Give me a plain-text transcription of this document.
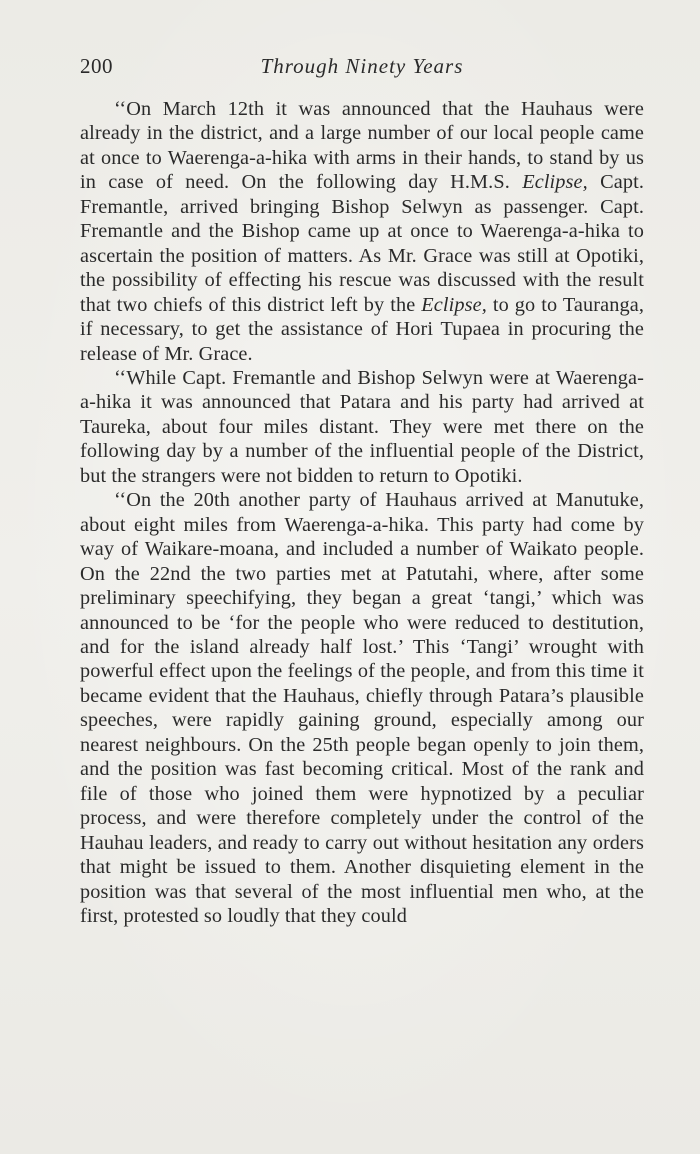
200	Through Ninety Years

‘‘On March 12th it was announced that the Hauhaus were already in the district, and a large number of our local people came at once to Waerenga-a-hika with arms in their hands, to stand by us in case of need. On the following day H.M.S. Eclipse, Capt. Fremantle, arrived bringing Bishop Selwyn as passenger. Capt. Fremantle and the Bishop came up at once to Waerenga-a-hika to ascertain the position of matters. As Mr. Grace was still at Opotiki, the possibility of effecting his rescue was discussed with the result that two chiefs of this district left by the Eclipse, to go to Tauranga, if necessary, to get the assistance of Hori Tupaea in procuring the release of Mr. Grace.

‘‘While Capt. Fremantle and Bishop Selwyn were at Waerenga-a-hika it was announced that Patara and his party had arrived at Taureka, about four miles distant. They were met there on the following day by a number of the influential people of the District, but the strangers were not bidden to return to Opotiki.

‘‘On the 20th another party of Hauhaus arrived at Manutuke, about eight miles from Waerenga-a-hika. This party had come by way of Waikare-moana, and included a number of Waikato people. On the 22nd the two parties met at Patutahi, where, after some preliminary speechifying, they began a great ‘tangi,’ which was announced to be ‘for the people who were reduced to destitution, and for the island already half lost.’ This ‘Tangi’ wrought with powerful effect upon the feelings of the people, and from this time it became evident that the Hauhaus, chiefly through Patara’s plausible speeches, were rapidly gaining ground, especially among our nearest neighbours. On the 25th people began openly to join them, and the position was fast becoming critical. Most of the rank and file of those who joined them were hypnotized by a peculiar process, and were therefore completely under the control of the Hauhau leaders, and ready to carry out without hesitation any orders that might be issued to them. Another disquieting element in the position was that several of the most influential men who, at the first, protested so loudly that they could
